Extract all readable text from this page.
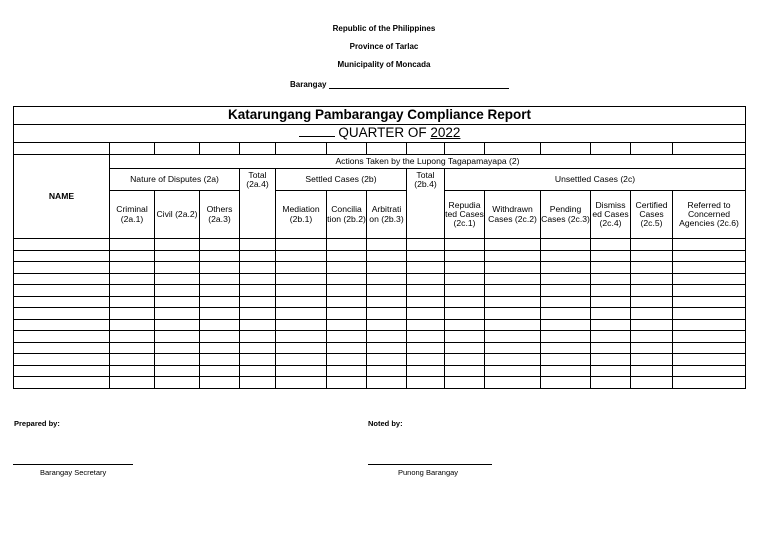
Republic of the Philippines
Province of Tarlac
Municipality of Moncada
Barangay
Katarungang Pambarangay Compliance Report														
QUARTER OF 2022														

NAME	Actions Taken by the Lupong Tagapamayapa (2)													
	Nature of Disputes (2a)			Total (2a.4)	Settled Cases (2b)			Total (2b.4)	Unsettled Cases (2c)					
	Criminal (2a.1)	Civil (2a.2)	Others (2a.3)		Mediation (2b.1)	Concilia tion (2b.2)	Arbitrati on (2b.3)		Repudia ted Cases (2c.1)	Withdrawn Cases (2c.2)	Pending Cases (2c.3)	Dismiss ed Cases (2c.4)	Certified Cases (2c.5)	Referred to Concerned Agencies (2c.6)

Prepared by:	Noted by:
Barangay Secretary	Punong Barangay
